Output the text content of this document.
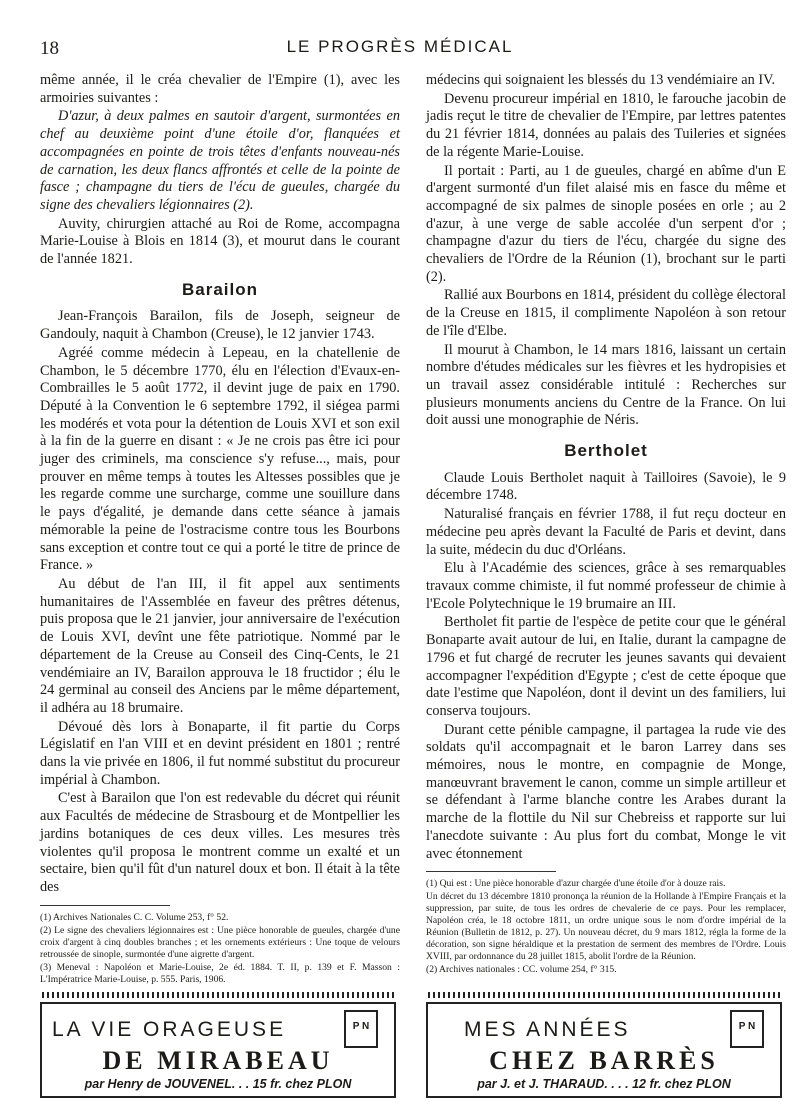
18	LE PROGRÈS MÉDICAL

même année, il le créa chevalier de l'Empire (1), avec les armoiries suivantes :

D'azur, à deux palmes en sautoir d'argent, surmontées en chef au deuxième point d'une étoile d'or, flanquées et accompagnées en pointe de trois têtes d'enfants nouveau-nés de carnation, les deux flancs affrontés et celle de la pointe de fasce ; champagne du tiers de l'écu de gueules, chargée du signe des chevaliers légionnaires (2).

Auvity, chirurgien attaché au Roi de Rome, accompagna Marie-Louise à Blois en 1814 (3), et mourut dans le courant de l'année 1821.

Barailon

Jean-François Barailon, fils de Joseph, seigneur de Gandouly, naquit à Chambon (Creuse), le 12 janvier 1743.

Agréé comme médecin à Lepeau, en la chatellenie de Chambon, le 5 décembre 1770, élu en l'élection d'Evaux-en-Combrailles le 5 août 1772, il devint juge de paix en 1790. Député à la Convention le 6 septembre 1792, il siégea parmi les modérés et vota pour la détention de Louis XVI et son exil à la fin de la guerre en disant : « Je ne crois pas être ici pour juger des criminels, ma conscience s'y refuse..., mais, pour prouver en même temps à toutes les Altesses possibles que je les regarde comme une surcharge, comme une souillure dans le pays d'égalité, je demande dans cette séance à jamais mémorable la peine de l'ostracisme contre tous les Bourbons sans exception et contre tout ce qui a porté le titre de prince de France. »

Au début de l'an III, il fit appel aux sentiments humanitaires de l'Assemblée en faveur des prêtres détenus, puis proposa que le 21 janvier, jour anniversaire de l'exécution de Louis XVI, devînt une fête patriotique. Nommé par le département de la Creuse au Conseil des Cinq-Cents, le 21 vendémiaire an IV, Barailon approuva le 18 fructidor ; élu le 24 germinal au conseil des Anciens par le même département, il adhéra au 18 brumaire.

Dévoué dès lors à Bonaparte, il fit partie du Corps Législatif en l'an VIII et en devint président en 1801 ; rentré dans la vie privée en 1806, il fut nommé substitut du procureur impérial à Chambon.

C'est à Barailon que l'on est redevable du décret qui réunit aux Facultés de médecine de Strasbourg et de Montpellier les jardins botaniques de ces deux villes. Les mesures très violentes qu'il proposa le montrent comme un exalté et un sectaire, bien qu'il fût d'un naturel doux et bon. Il était à la tête des

(1) Archives Nationales C. C. Volume 253, f° 52.

(2) Le signe des chevaliers légionnaires est : Une pièce honorable de gueules, chargée d'une croix d'argent à cinq doubles branches ; et les ornements extérieurs : Une toque de velours retroussée de sinople, surmontée d'une aigrette d'argent.

(3) Meneval : Napoléon et Marie-Louise, 2e éd. 1884. T. II, p. 139 et F. Masson : L'Impératrice Marie-Louise, p. 555. Paris, 1906.

médecins qui soignaient les blessés du 13 vendémiaire an IV.

Devenu procureur impérial en 1810, le farouche jacobin de jadis reçut le titre de chevalier de l'Empire, par lettres patentes du 21 février 1814, données au palais des Tuileries et signées de la régente Marie-Louise.

Il portait : Parti, au 1 de gueules, chargé en abîme d'un E d'argent surmonté d'un filet alaisé mis en fasce du même et accompagné de six palmes de sinople posées en orle ; au 2 d'azur, à une verge de sable accolée d'un serpent d'or ; champagne d'azur du tiers de l'écu, chargée du signe des chevaliers de l'Ordre de la Réunion (1), brochant sur le parti (2).

Rallié aux Bourbons en 1814, président du collège électoral de la Creuse en 1815, il complimente Napoléon à son retour de l'île d'Elbe.

Il mourut à Chambon, le 14 mars 1816, laissant un certain nombre d'études médicales sur les fièvres et les hydropisies et un travail assez considérable intitulé : Recherches sur plusieurs monuments anciens du Centre de la France. On lui doit aussi une monographie de Néris.

Bertholet

Claude Louis Bertholet naquit à Tailloires (Savoie), le 9 décembre 1748.

Naturalisé français en février 1788, il fut reçu docteur en médecine peu après devant la Faculté de Paris et devint, dans la suite, médecin du duc d'Orléans.

Elu à l'Académie des sciences, grâce à ses remarquables travaux comme chimiste, il fut nommé professeur de chimie à l'Ecole Polytechnique le 19 brumaire an III.

Bertholet fit partie de l'espèce de petite cour que le général Bonaparte avait autour de lui, en Italie, durant la campagne de 1796 et fut chargé de recruter les jeunes savants qui devaient accompagner l'expédition d'Egypte ; c'est de cette époque que date l'estime que Napoléon, dont il devint un des familiers, lui conserva toujours.

Durant cette pénible campagne, il partagea la rude vie des soldats qu'il accompagnait et le baron Larrey dans ses mémoires, nous le montre, en compagnie de Monge, manœuvrant bravement le canon, comme un simple artilleur et se défendant à l'arme blanche contre les Arabes durant la marche de la flottile du Nil sur Chebreiss et rapporte sur lui l'anecdote suivante : Au plus fort du combat, Monge le vit avec étonnement

(1) Qui est : Une pièce honorable d'azur chargée d'une étoile d'or à douze rais.

Un décret du 13 décembre 1810 prononça la réunion de la Hollande à l'Empire Français et la suppression, par suite, de tous les ordres de chevalerie de ce pays. Pour les remplacer, Napoléon créa, le 18 octobre 1811, un ordre unique sous le nom d'ordre impérial de la Réunion (Bulletin de 1812, p. 27). Un nouveau décret, du 9 mars 1812, régla la forme de la décoration, son signe héraldique et la prestation de serment des membres de l'Ordre. Louis XVIII, par ordonnance du 28 juillet 1815, abolit l'ordre de la Réunion.

(2) Archives nationales : CC. volume 254, f° 315.

LA VIE ORAGEUSE	P N
DE MIRABEAU
par Henry de JOUVENEL. . . 15 fr. chez PLON
MES ANNÉES	P N
CHEZ BARRÈS
par J. et J. THARAUD. . . . 12 fr. chez PLON
